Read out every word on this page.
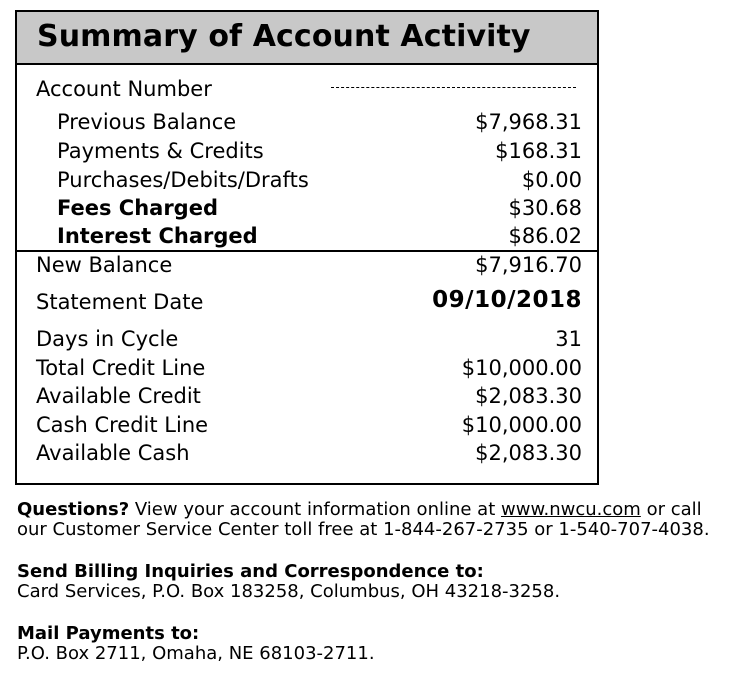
Summary of Account Activity
Account Number
Previous Balance	$7,968.31
Payments & Credits	$168.31
Purchases/Debits/Drafts	$0.00
Fees Charged	$30.68
Interest Charged	$86.02
New Balance	$7,916.70
Statement Date	09/10/2018
Days in Cycle	31
Total Credit Line	$10,000.00
Available Credit	$2,083.30
Cash Credit Line	$10,000.00
Available Cash	$2,083.30
Questions? View your account information online at www.nwcu.com or call
our Customer Service Center toll free at 1-844-267-2735 or 1-540-707-4038.
Send Billing Inquiries and Correspondence to:
Card Services, P.O. Box 183258, Columbus, OH 43218-3258.
Mail Payments to:
P.O. Box 2711, Omaha, NE 68103-2711.
